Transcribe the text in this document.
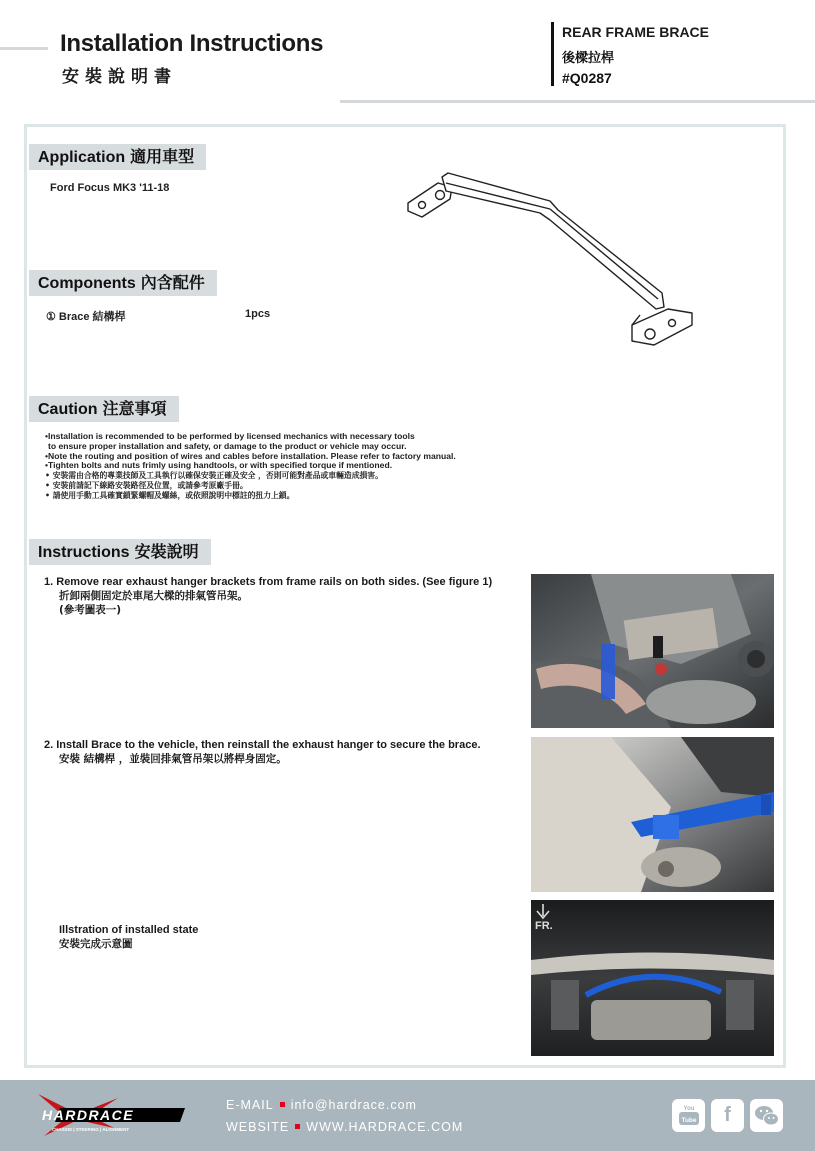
Installation Instructions
安裝說明書
REAR FRAME BRACE
後樑拉桿
#Q0287
Application 適用車型
Ford Focus MK3 '11-18
Components 內含配件
① Brace 結構桿	1pcs
Caution 注意事項
•Installation is recommended to be performed by licensed mechanics with necessary tools
to ensure proper installation and safety, or damage to the product or vehicle may occur.
•Note the routing and position of wires and cables before installation. Please refer to factory manual.
•Tighten bolts and nuts frimly using handtools, or with specified torque if mentioned.
• 安裝需由合格的專業技師及工具執行以確保安裝正確及安全 ，否則可能對產品或車輛造成損害。
• 安裝前請記下線路安裝路徑及位置，或請參考原廠手冊。
• 請使用手動工具確實鎖緊螺帽及螺絲，或依照說明中標註的扭力上鎖。
Instructions 安裝說明
1. Remove rear exhaust hanger brackets from frame rails on both sides. (See figure 1)
折卸兩側固定於車尾大樑的排氣管吊架。
(參考圖表一)
2. Install Brace to the vehicle, then reinstall the exhaust hanger to secure the brace.
安裝 結構桿 ，並裝回排氣管吊架以將桿身固定。
Illstration of installed state
安裝完成示意圖
FR.
HARDRACE
CHASSIS | STEERING | ALIGNMENT
E-MAIL info@hardrace.com
WEBSITE WWW.HARDRACE.COM
You
Tube	f
